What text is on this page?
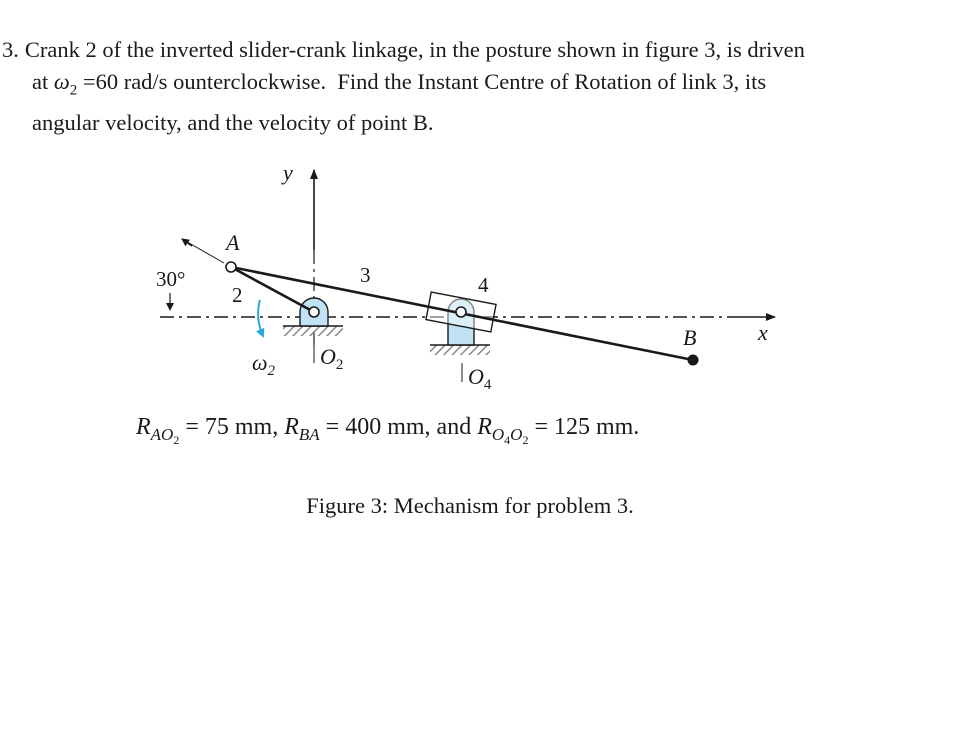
3. Crank 2 of the inverted slider-crank linkage, in the posture shown in figure 3, is driven
at $\omega_2 =60$ rad/s ounterclockwise. Find the Instant Centre of Rotation of link 3, its
angular velocity, and the velocity of point B.
y
x
A
B
30°
2
3	4
$\omega_2$
$O_2$	$O_4$
$R_{AO}2 = 75$ mm, $R_{BA} = 400$ mm, and $R_O4O2 = 125$ mm.
Figure 3: Mechanism for problem 3.
